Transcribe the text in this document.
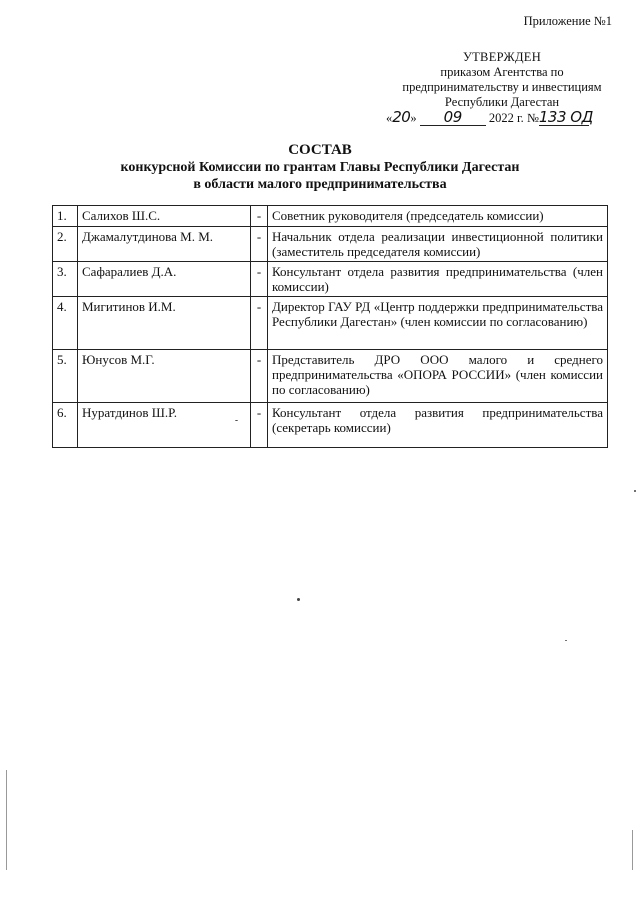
Приложение №1
УТВЕРЖДЕН
приказом Агентства по
предпринимательству и инвестициям
Республики Дагестан
«20» 09 2022 г. №133 ОД
СОСТАВ
конкурсной Комиссии по грантам Главы Республики Дагестан
в области малого предпринимательства
1.	Салихов Ш.С.	-	Советник руководителя (председатель комиссии)
2.	Джамалутдинова М. М.	-	Начальник отдела реализации инвестиционной политики (заместитель председателя комиссии)
3.	Сафаралиев Д.А.	-	Консультант отдела развития предпринимательства (член комиссии)
4.	Мигитинов И.М.	-	Директор ГАУ РД «Центр поддержки предпринимательства Республики Дагестан» (член комиссии по согласованию)
5.	Юнусов М.Г.	-	Представитель ДРО ООО малого и среднего предпринимательства «ОПОРА РОССИИ» (член комиссии по согласованию)
6.	Нуратдинов Ш.Р.	-	Консультант отдела развития предпринимательства (секретарь комиссии)
